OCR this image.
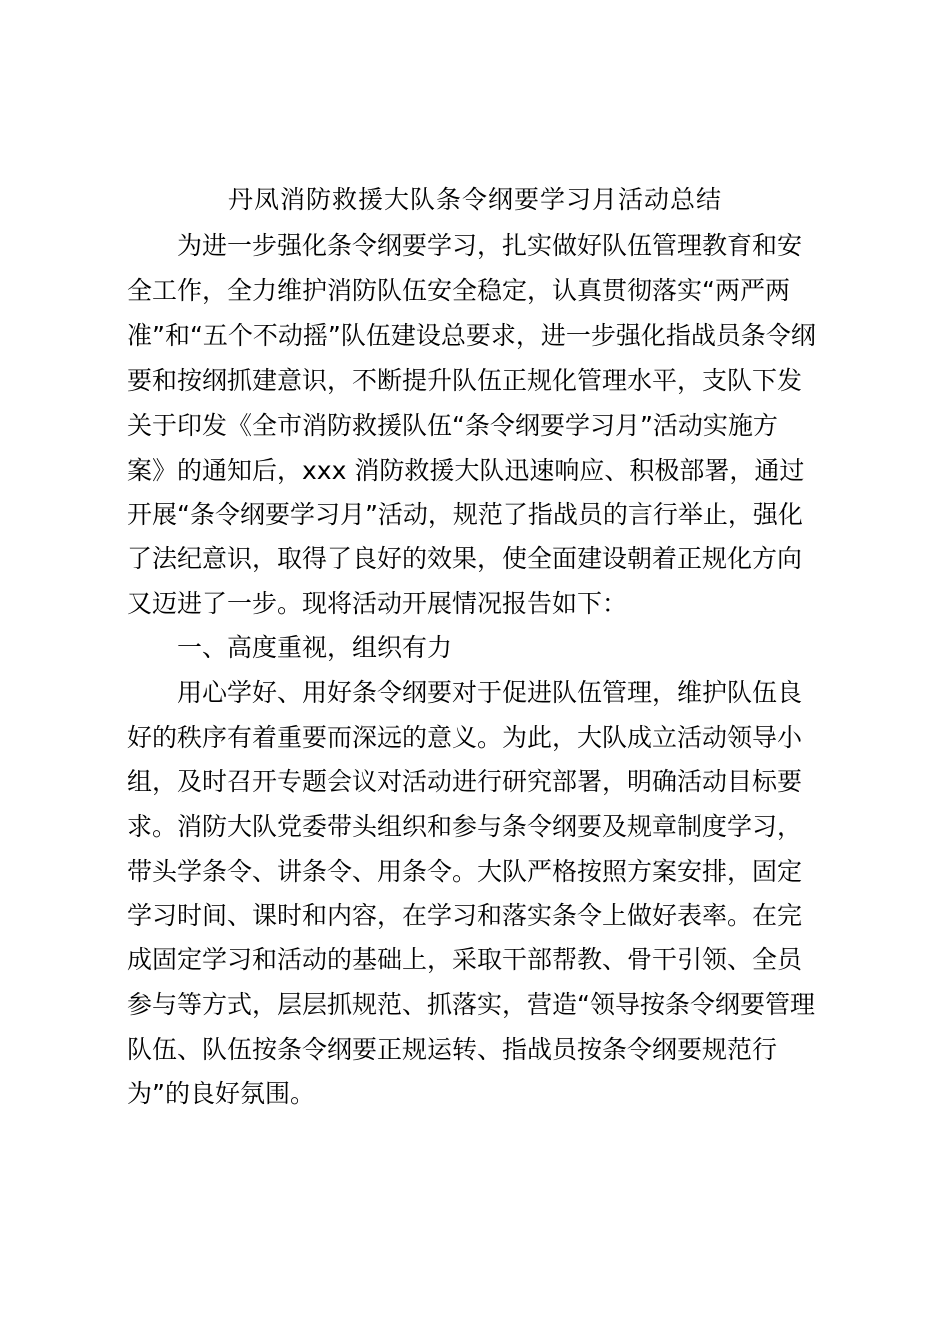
丹凤消防救援大队条令纲要学习月活动总结

为进一步强化条令纲要学习，扎实做好队伍管理教育和安

全工作，全力维护消防队伍安全稳定，认真贯彻落实“两严两

准”和“五个不动摇”队伍建设总要求，进一步强化指战员条令纲

要和按纲抓建意识，不断提升队伍正规化管理水平，支队下发

关于印发《全市消防救援队伍“条令纲要学习月”活动实施方

案》的通知后，xxx 消防救援大队迅速响应、积极部署，通过

开展“条令纲要学习月”活动，规范了指战员的言行举止，强化

了法纪意识，取得了良好的效果，使全面建设朝着正规化方向

又迈进了一步。现将活动开展情况报告如下：

一、高度重视，组织有力

用心学好、用好条令纲要对于促进队伍管理，维护队伍良

好的秩序有着重要而深远的意义。为此，大队成立活动领导小

组，及时召开专题会议对活动进行研究部署，明确活动目标要

求。消防大队党委带头组织和参与条令纲要及规章制度学习，

带头学条令、讲条令、用条令。大队严格按照方案安排，固定

学习时间、课时和内容，在学习和落实条令上做好表率。在完

成固定学习和活动的基础上，采取干部帮教、骨干引领、全员

参与等方式，层层抓规范、抓落实，营造“领导按条令纲要管理

队伍、队伍按条令纲要正规运转、指战员按条令纲要规范行

为”的良好氛围。
